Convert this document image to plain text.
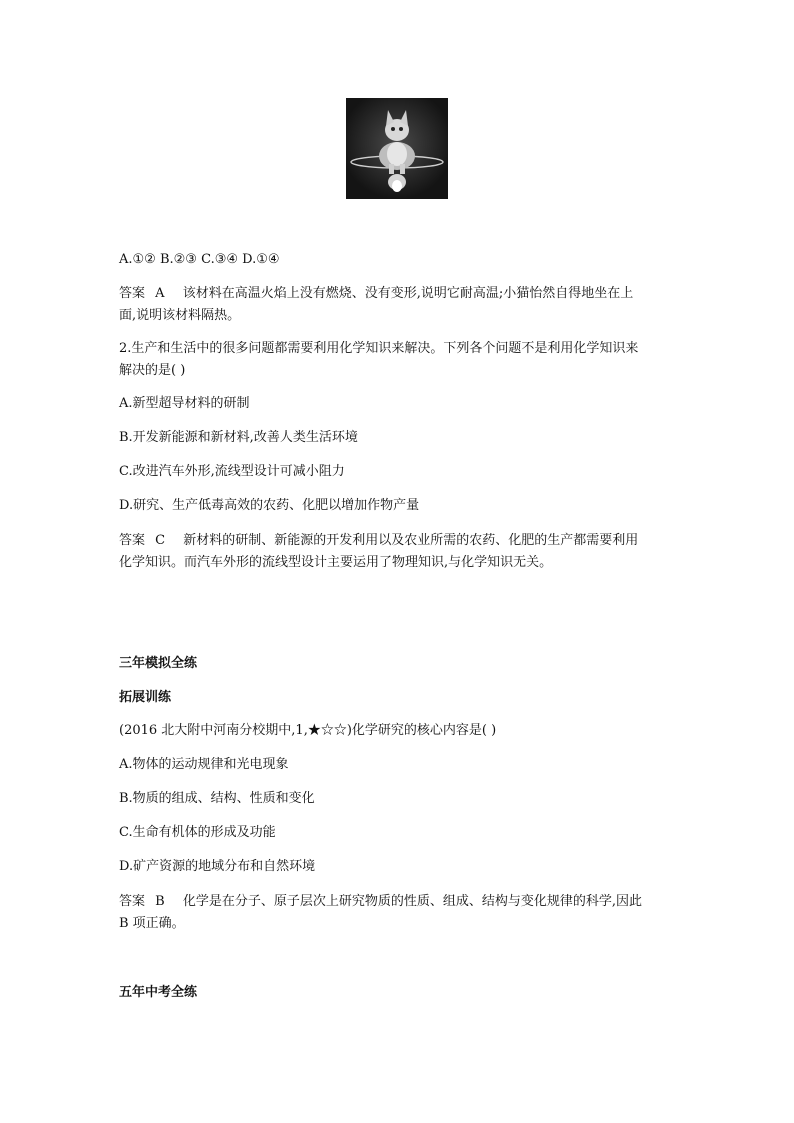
A.①② B.②③ C.③④ D.①④
答案 A 该材料在高温火焰上没有燃烧、没有变形,说明它耐高温;小猫怡然自得地坐在上
面,说明该材料隔热。
2.生产和生活中的很多问题都需要利用化学知识来解决。下列各个问题不是利用化学知识来
解决的是( )
A.新型超导材料的研制
B.开发新能源和新材料,改善人类生活环境
C.改进汽车外形,流线型设计可减小阻力
D.研究、生产低毒高效的农药、化肥以增加作物产量
答案 C 新材料的研制、新能源的开发利用以及农业所需的农药、化肥的生产都需要利用
化学知识。而汽车外形的流线型设计主要运用了物理知识,与化学知识无关。
三年模拟全练
拓展训练
(2016 北大附中河南分校期中,1,★☆☆)化学研究的核心内容是( )
A.物体的运动规律和光电现象
B.物质的组成、结构、性质和变化
C.生命有机体的形成及功能
D.矿产资源的地域分布和自然环境
答案 B 化学是在分子、原子层次上研究物质的性质、组成、结构与变化规律的科学,因此
B 项正确。
五年中考全练
